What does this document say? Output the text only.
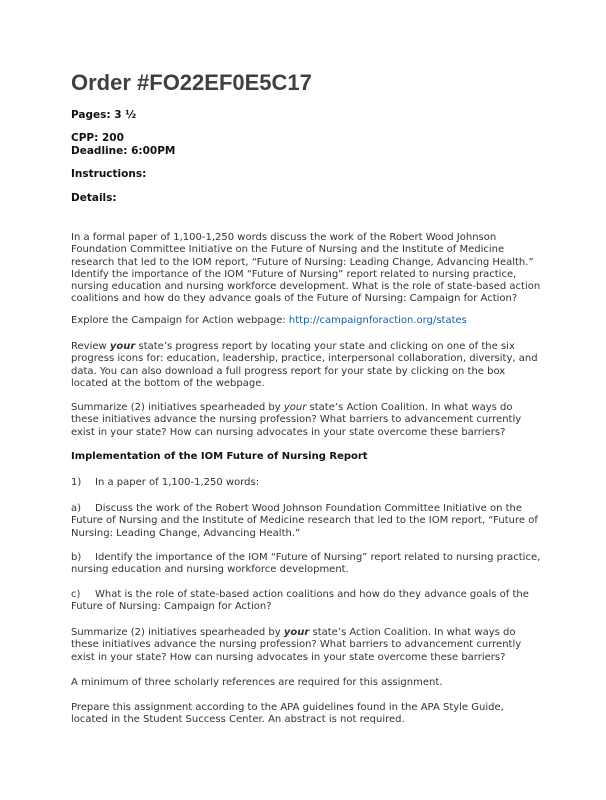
Order #FO22EF0E5C17

Pages: 3 ½

CPP: 200

Deadline: 6:00PM

Instructions:

Details:

In a formal paper of 1,100-1,250 words discuss the work of the Robert Wood Johnson Foundation Committee Initiative on the Future of Nursing and the Institute of Medicine research that led to the IOM report, “Future of Nursing: Leading Change, Advancing Health.” Identify the importance of the IOM “Future of Nursing” report related to nursing practice, nursing education and nursing workforce development. What is the role of state-based action coalitions and how do they advance goals of the Future of Nursing: Campaign for Action?

Explore the Campaign for Action webpage: http://campaignforaction.org/states

Review your state’s progress report by locating your state and clicking on one of the six progress icons for: education, leadership, practice, interpersonal collaboration, diversity, and data. You can also download a full progress report for your state by clicking on the box located at the bottom of the webpage.

Summarize (2) initiatives spearheaded by your state’s Action Coalition. In what ways do these initiatives advance the nursing profession? What barriers to advancement currently exist in your state? How can nursing advocates in your state overcome these barriers?

Implementation of the IOM Future of Nursing Report

1) In a paper of 1,100-1,250 words:

a) Discuss the work of the Robert Wood Johnson Foundation Committee Initiative on the Future of Nursing and the Institute of Medicine research that led to the IOM report, “Future of Nursing: Leading Change, Advancing Health.”

b) Identify the importance of the IOM “Future of Nursing” report related to nursing practice, nursing education and nursing workforce development.

c) What is the role of state-based action coalitions and how do they advance goals of the Future of Nursing: Campaign for Action?

Summarize (2) initiatives spearheaded by your state’s Action Coalition. In what ways do these initiatives advance the nursing profession? What barriers to advancement currently exist in your state? How can nursing advocates in your state overcome these barriers?

A minimum of three scholarly references are required for this assignment.

Prepare this assignment according to the APA guidelines found in the APA Style Guide, located in the Student Success Center. An abstract is not required.
